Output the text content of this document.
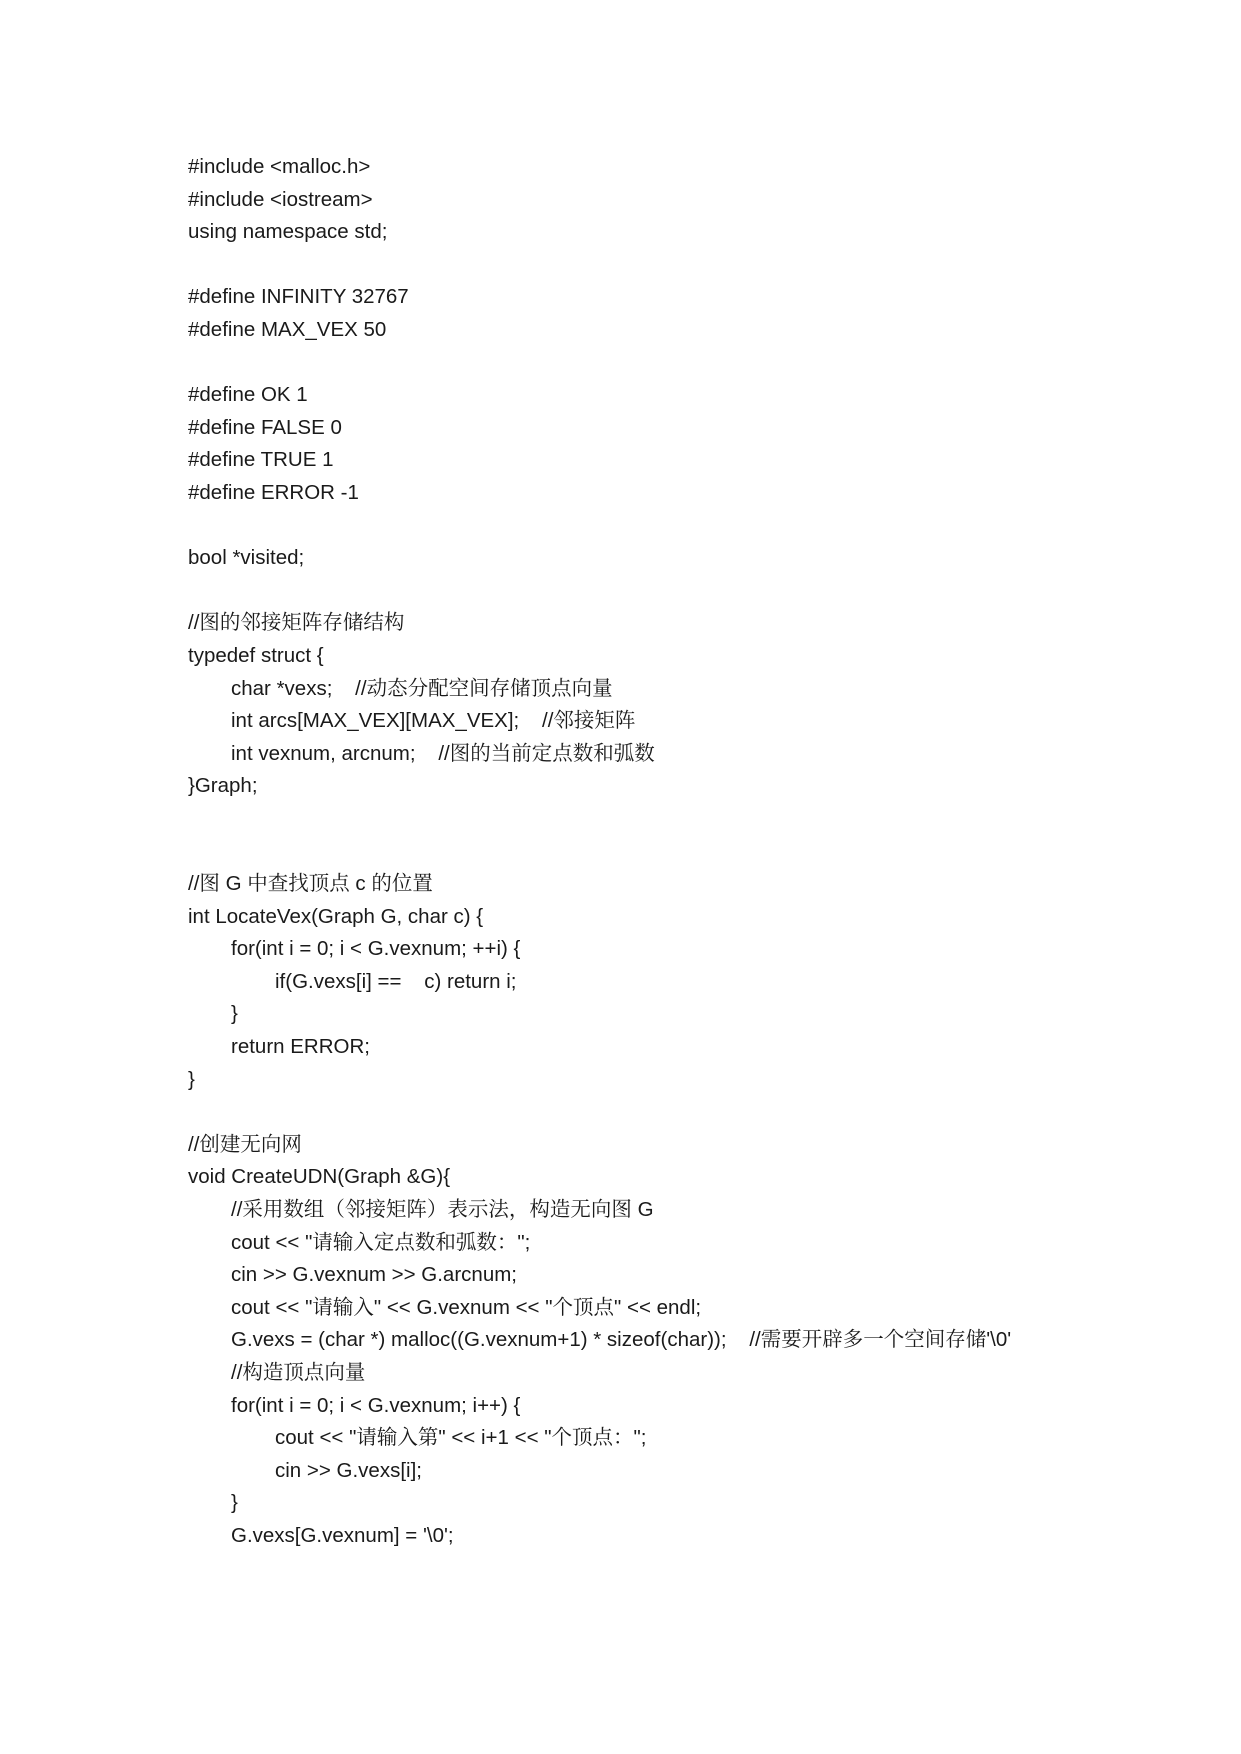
#include <malloc.h>
#include <iostream>
using namespace std;
#define INFINITY 32767
#define MAX_VEX 50
#define OK 1
#define FALSE 0
#define TRUE 1
#define ERROR -1
bool *visited;
//图的邻接矩阵存储结构
typedef struct {
char *vexs;    //动态分配空间存储顶点向量
int arcs[MAX_VEX][MAX_VEX];    //邻接矩阵
int vexnum, arcnum;    //图的当前定点数和弧数
}Graph;
//图 G 中查找顶点 c 的位置
int LocateVex(Graph G, char c) {
for(int i = 0; i < G.vexnum; ++i) {
if(G.vexs[i] ==    c) return i;
}
return ERROR;
}
//创建无向网
void CreateUDN(Graph &G){
//采用数组（邻接矩阵）表示法，构造无向图 G
cout << "请输入定点数和弧数：";
cin >> G.vexnum >> G.arcnum;
cout << "请输入" << G.vexnum << "个顶点" << endl;
G.vexs = (char *) malloc((G.vexnum+1) * sizeof(char));    //需要开辟多一个空间存储'\0'
//构造顶点向量
for(int i = 0; i < G.vexnum; i++) {
cout << "请输入第" << i+1 << "个顶点：";
cin >> G.vexs[i];
}
G.vexs[G.vexnum] = '\0';
